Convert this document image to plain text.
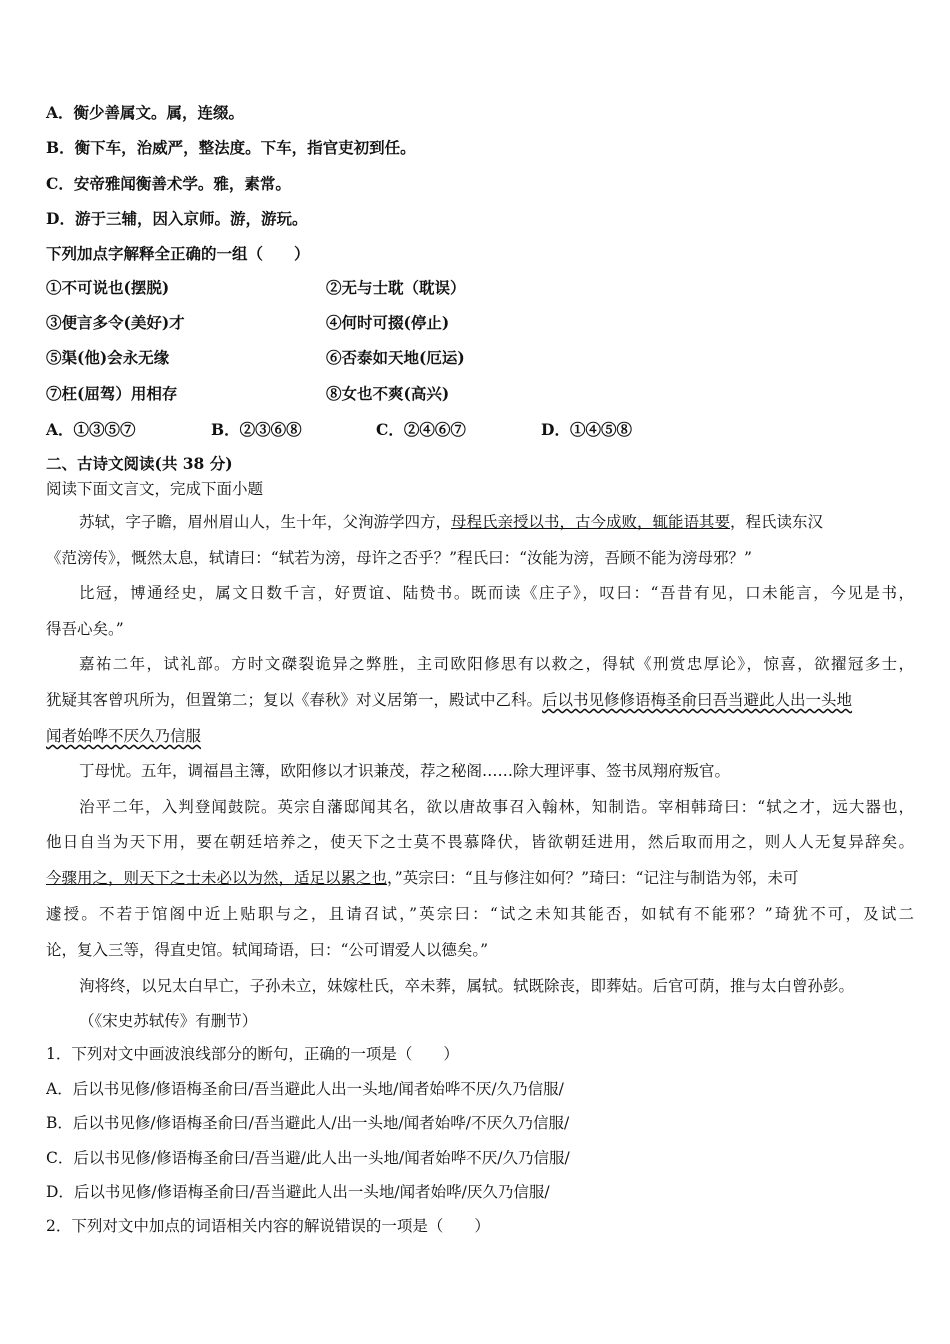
A．衡少善属文。属，连缀。
B．衡下车，治威严，整法度。下车，指官吏初到任。
C．安帝雅闻衡善术学。雅，素常。
D．游于三辅，因入京师。游，游玩。
下列加点字解释全正确的一组（　　）
①不可说也(摆脱)	②无与士耽（耽误）
③便言多令(美好)才	④何时可掇(停止)
⑤渠(他)会永无缘	⑥否泰如天地(厄运)
⑦枉(屈驾）用相存	⑧女也不爽(高兴)
A．①③⑤⑦	B．②③⑥⑧	C．②④⑥⑦	D．①④⑤⑧
二、古诗文阅读(共 38 分)
阅读下面文言文，完成下面小题
苏轼，字子瞻，眉州眉山人，生十年，父洵游学四方，母程氏亲授以书，古今成败，辄能语其要，程氏读东汉
《范滂传》，慨然太息，轼请曰：“轼若为滂，母许之否乎？”程氏曰：“汝能为滂，吾顾不能为滂母邪？”
比冠，博通经史，属文日数千言，好贾谊、陆贽书。既而读《庄子》，叹曰：“吾昔有见，口未能言，今见是书，
得吾心矣。”
嘉祐二年，试礼部。方时文磔裂诡异之弊胜，主司欧阳修思有以救之，得轼《刑赏忠厚论》，惊喜，欲擢冠多士，
犹疑其客曾巩所为，但置第二；复以《春秋》对义居第一，殿试中乙科。后以书见修修语梅圣俞曰吾当避此人出一头地
闻者始哗不厌久乃信服
丁母忧。五年，调福昌主簿，欧阳修以才识兼茂，荐之秘阁……除大理评事、签书凤翔府叛官。
治平二年，入判登闻鼓院。英宗自藩邸闻其名，欲以唐故事召入翰林，知制诰。宰相韩琦曰：“轼之才，远大器也，
他日自当为天下用，要在朝廷培养之，使天下之士莫不畏慕降伏，皆欲朝廷进用，然后取而用之，则人人无复异辞矣。
今骤用之，则天下之士未必以为然，适足以累之也，”英宗曰：“且与修注如何？”琦曰：“记注与制诰为邻，未可
遽授。不若于馆阁中近上贴职与之，且请召试，”英宗曰：“试之未知其能否，如轼有不能邪？”琦犹不可，及试二
论，复入三等，得直史馆。轼闻琦语，曰：“公可谓爱人以德矣。”
洵将终，以兄太白早亡，子孙未立，妹嫁杜氏，卒未葬，属轼。轼既除丧，即葬姑。后官可荫，推与太白曾孙彭。
（《宋史苏轼传》有删节）
1．下列对文中画波浪线部分的断句，正确的一项是（　　）
A．后以书见修/修语梅圣俞曰/吾当避此人出一头地/闻者始哗不厌/久乃信服/
B．后以书见修/修语梅圣俞曰/吾当避此人/出一头地/闻者始哗/不厌久乃信服/
C．后以书见修/修语梅圣俞曰/吾当避/此人出一头地/闻者始哗不厌/久乃信服/
D．后以书见修/修语梅圣俞曰/吾当避此人出一头地/闻者始哗/厌久乃信服/
2．下列对文中加点的词语相关内容的解说错误的一项是（　　）
